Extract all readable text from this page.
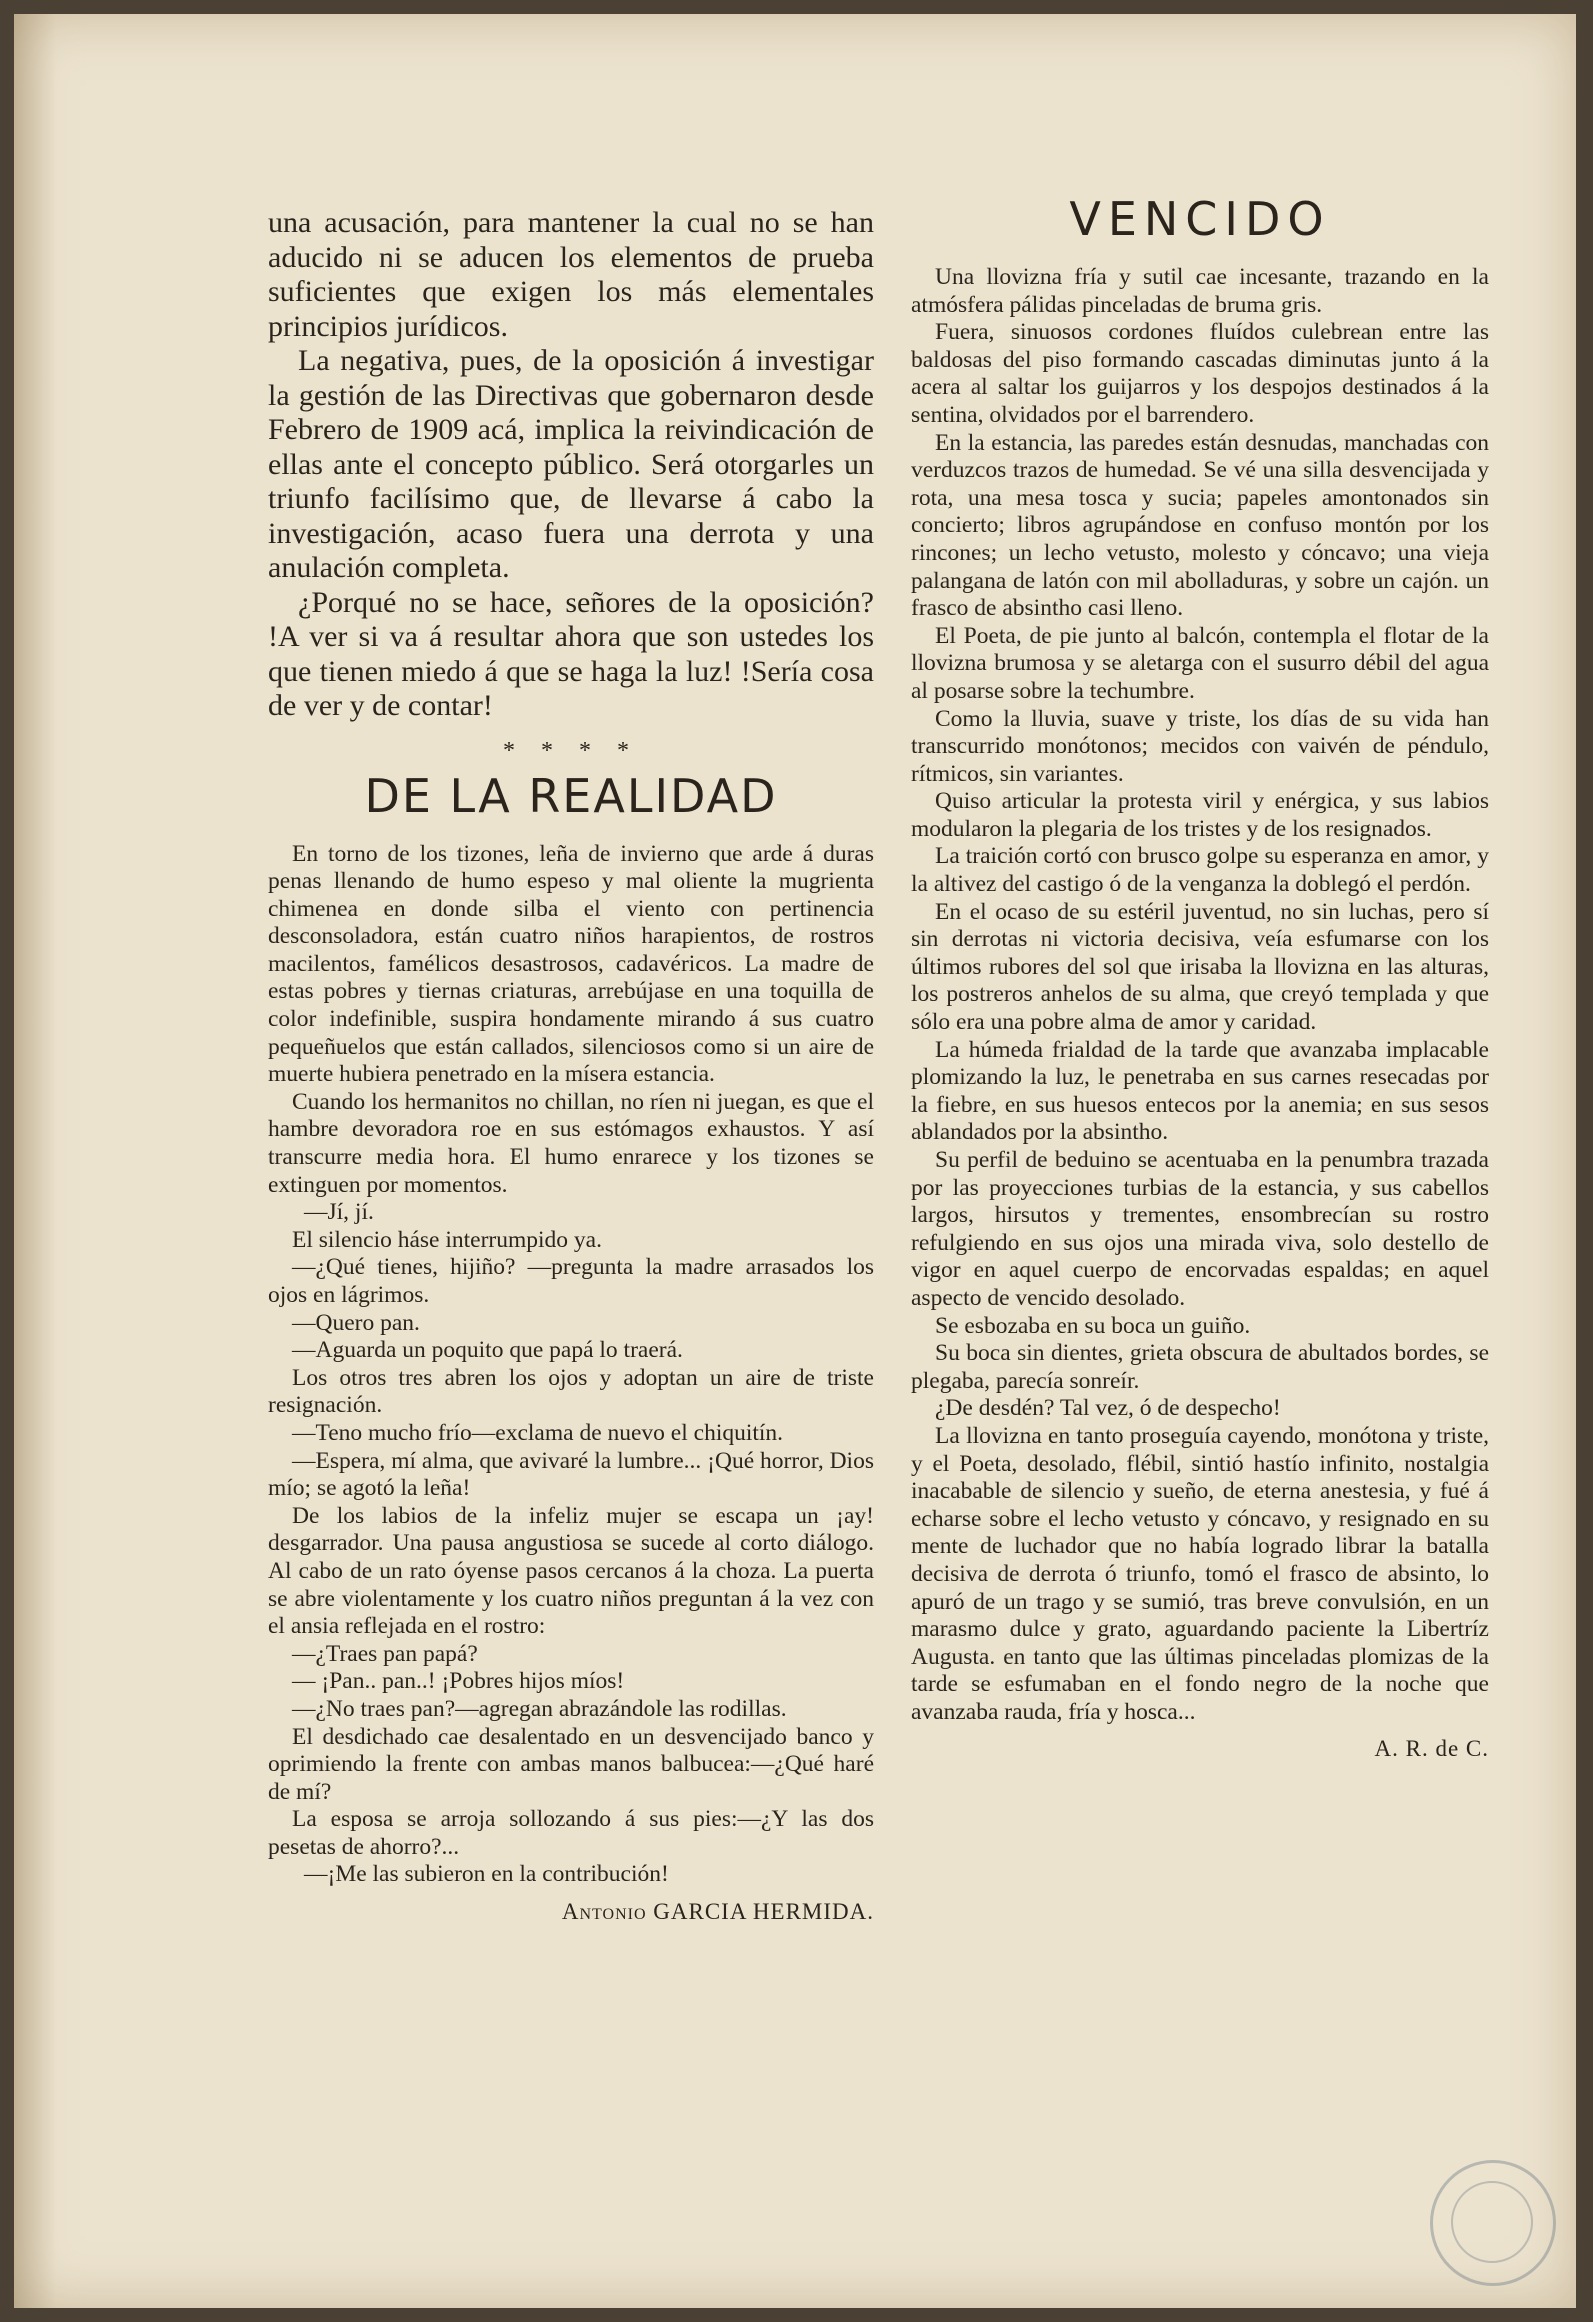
una acusación, para mantener la cual no se han aducido ni se aducen los elementos de prueba suficientes que exigen los más elementales principios jurídicos.

La negativa, pues, de la oposición á investigar la gestión de las Directivas que gobernaron desde Febrero de 1909 acá, implica la reivindicación de ellas ante el concepto público. Será otorgarles un triunfo facilísimo que, de llevarse á cabo la investigación, acaso fuera una derrota y una anulación completa.

¿Porqué no se hace, señores de la oposición? !A ver si va á resultar ahora que son ustedes los que tienen miedo á que se haga la luz! !Sería cosa de ver y de contar!

* * * *
DE LA REALIDAD

En torno de los tizones, leña de invierno que arde á duras penas llenando de humo espeso y mal oliente la mugrienta chimenea en donde silba el viento con pertinencia desconsoladora, están cuatro niños harapientos, de rostros macilentos, famélicos desastrosos, cadavéricos. La madre de estas pobres y tiernas criaturas, arrebújase en una toquilla de color indefinible, suspira hondamente mirando á sus cuatro pequeñuelos que están callados, silenciosos como si un aire de muerte hubiera penetrado en la mísera estancia.

Cuando los hermanitos no chillan, no ríen ni juegan, es que el hambre devoradora roe en sus estómagos exhaustos. Y así transcurre media hora. El humo enrarece y los tizones se extinguen por momentos.

—Jí, jí.

El silencio háse interrumpido ya.

—¿Qué tienes, hijiño? —pregunta la madre arrasados los ojos en lágrimos.

—Quero pan.

—Aguarda un poquito que papá lo traerá.

Los otros tres abren los ojos y adoptan un aire de triste resignación.

—Teno mucho frío—exclama de nuevo el chiquitín.

—Espera, mí alma, que avivaré la lumbre... ¡Qué horror, Dios mío; se agotó la leña!

De los labios de la infeliz mujer se escapa un ¡ay! desgarrador. Una pausa angustiosa se sucede al corto diálogo. Al cabo de un rato óyense pasos cercanos á la choza. La puerta se abre violentamente y los cuatro niños preguntan á la vez con el ansia reflejada en el rostro:

—¿Traes pan papá?

— ¡Pan.. pan..! ¡Pobres hijos míos!

—¿No traes pan?—agregan abrazándole las rodillas.

El desdichado cae desalentado en un desvencijado banco y oprimiendo la frente con ambas manos balbucea:—¿Qué haré de mí?

La esposa se arroja sollozando á sus pies:—¿Y las dos pesetas de ahorro?...

—¡Me las subieron en la contribución!

Antonio GARCIA HERMIDA.
VENCIDO

Una llovizna fría y sutil cae incesante, trazando en la atmósfera pálidas pinceladas de bruma gris.

Fuera, sinuosos cordones fluídos culebrean entre las baldosas del piso formando cascadas diminutas junto á la acera al saltar los guijarros y los despojos destinados á la sentina, olvidados por el barrendero.

En la estancia, las paredes están desnudas, manchadas con verduzcos trazos de humedad. Se vé una silla desvencijada y rota, una mesa tosca y sucia; papeles amontonados sin concierto; libros agrupándose en confuso montón por los rincones; un lecho vetusto, molesto y cóncavo; una vieja palangana de latón con mil abolladuras, y sobre un cajón. un frasco de absintho casi lleno.

El Poeta, de pie junto al balcón, contempla el flotar de la llovizna brumosa y se aletarga con el susurro débil del agua al posarse sobre la techumbre.

Como la lluvia, suave y triste, los días de su vida han transcurrido monótonos; mecidos con vaivén de péndulo, rítmicos, sin variantes.

Quiso articular la protesta viril y enérgica, y sus labios modularon la plegaria de los tristes y de los resignados.

La traición cortó con brusco golpe su esperanza en amor, y la altivez del castigo ó de la venganza la doblegó el perdón.

En el ocaso de su estéril juventud, no sin luchas, pero sí sin derrotas ni victoria decisiva, veía esfumarse con los últimos rubores del sol que irisaba la llovizna en las alturas, los postreros anhelos de su alma, que creyó templada y que sólo era una pobre alma de amor y caridad.

La húmeda frialdad de la tarde que avanzaba implacable plomizando la luz, le penetraba en sus carnes resecadas por la fiebre, en sus huesos entecos por la anemia; en sus sesos ablandados por la absintho.

Su perfil de beduino se acentuaba en la penumbra trazada por las proyecciones turbias de la estancia, y sus cabellos largos, hirsutos y trementes, ensombrecían su rostro refulgiendo en sus ojos una mirada viva, solo destello de vigor en aquel cuerpo de encorvadas espaldas; en aquel aspecto de vencido desolado.

Se esbozaba en su boca un guiño.

Su boca sin dientes, grieta obscura de abultados bordes, se plegaba, parecía sonreír.

¿De desdén? Tal vez, ó de despecho!

La llovizna en tanto proseguía cayendo, monótona y triste, y el Poeta, desolado, flébil, sintió hastío infinito, nostalgia inacabable de silencio y sueño, de eterna anestesia, y fué á echarse sobre el lecho vetusto y cóncavo, y resignado en su mente de luchador que no había logrado librar la batalla decisiva de derrota ó triunfo, tomó el frasco de absinto, lo apuró de un trago y se sumió, tras breve convulsión, en un marasmo dulce y grato, aguardando paciente la Libertríz Augusta. en tanto que las últimas pinceladas plomizas de la tarde se esfumaban en el fondo negro de la noche que avanzaba rauda, fría y hosca...

A. R. de C.
